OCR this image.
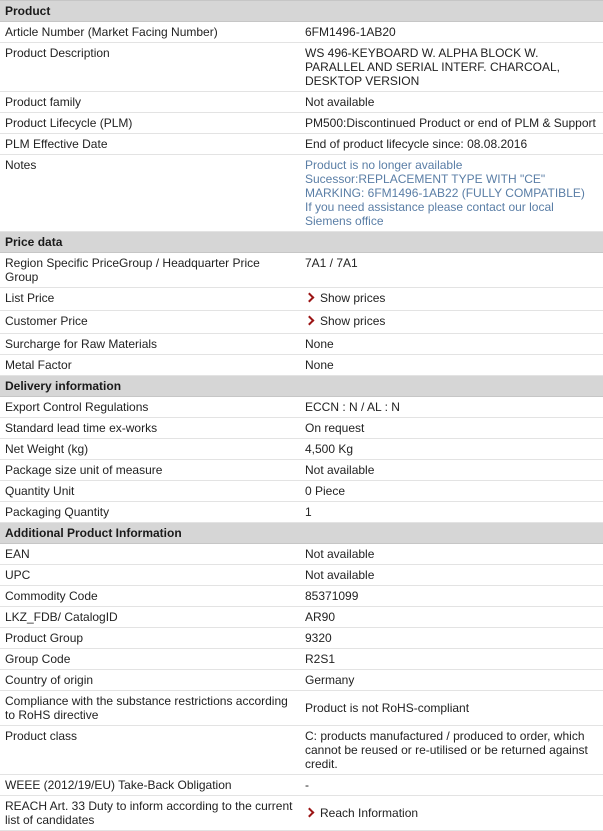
Product	
Article Number (Market Facing Number)	6FM1496-1AB20
Product Description	WS 496-KEYBOARD W. ALPHA BLOCK W. PARALLEL AND SERIAL INTERF. CHARCOAL, DESKTOP VERSION
Product family	Not available
Product Lifecycle (PLM)	PM500:Discontinued Product or end of PLM & Support
PLM Effective Date	End of product lifecycle since: 08.08.2016
Notes	Product is no longer available
Sucessor:REPLACEMENT TYPE WITH "CE" MARKING: 6FM1496-1AB22 (FULLY COMPATIBLE)
If you need assistance please contact our local Siemens office

Price data	
Region Specific PriceGroup / Headquarter Price Group	7A1 / 7A1
List Price	Show prices
Customer Price	Show prices
Surcharge for Raw Materials	None
Metal Factor	None
Delivery information	
Export Control Regulations	ECCN : N / AL : N
Standard lead time ex-works	On request
Net Weight (kg)	4,500 Kg
Package size unit of measure	Not available
Quantity Unit	0 Piece
Packaging Quantity	1
Additional Product Information	
EAN	Not available
UPC	Not available
Commodity Code	85371099
LKZ_FDB/ CatalogID	AR90
Product Group	9320
Group Code	R2S1
Country of origin	Germany
Compliance with the substance restrictions according to RoHS directive	Product is not RoHS-compliant
Product class	C: products manufactured / produced to order, which cannot be reused or re-utilised or be returned against credit.
WEEE (2012/19/EU) Take-Back Obligation	-
REACH Art. 33 Duty to inform according to the current list of candidates	Reach Information
